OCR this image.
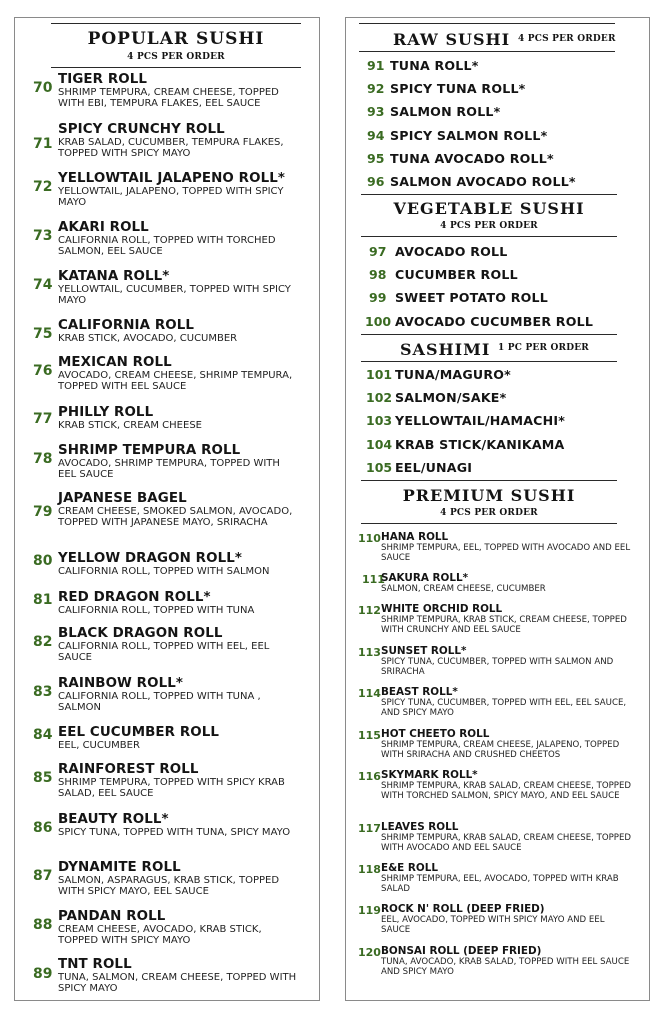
POPULAR SUSHI
4 PCS PER ORDER
70
TIGER ROLL
SHRIMP TEMPURA, CREAM CHEESE, TOPPED WITH EBI, TEMPURA FLAKES, EEL SAUCE
71
SPICY CRUNCHY ROLL
KRAB SALAD, CUCUMBER, TEMPURA FLAKES, TOPPED WITH SPICY MAYO
72
YELLOWTAIL JALAPENO ROLL*
YELLOWTAIL, JALAPENO, TOPPED WITH SPICY MAYO
73
AKARI ROLL
CALIFORNIA ROLL, TOPPED WITH TORCHED SALMON, EEL SAUCE
74
KATANA ROLL*
YELLOWTAIL, CUCUMBER, TOPPED WITH SPICY MAYO
75
CALIFORNIA ROLL
KRAB STICK, AVOCADO, CUCUMBER
76
MEXICAN ROLL
AVOCADO, CREAM CHEESE, SHRIMP TEMPURA, TOPPED WITH EEL SAUCE
77 PHILLY ROLL
KRAB STICK, CREAM CHEESE
78
SHRIMP TEMPURA ROLL
AVOCADO, SHRIMP TEMPURA, TOPPED WITH EEL SAUCE
79
JAPANESE BAGEL
CREAM CHEESE, SMOKED SALMON, AVOCADO, TOPPED WITH JAPANESE MAYO, SRIRACHA
80 YELLOW DRAGON ROLL*
CALIFORNIA ROLL, TOPPED WITH SALMON
81 RED DRAGON ROLL*
CALIFORNIA ROLL, TOPPED WITH TUNA
82
BLACK DRAGON ROLL
CALIFORNIA ROLL, TOPPED WITH EEL, EEL SAUCE
83
RAINBOW ROLL*
CALIFORNIA ROLL, TOPPED WITH TUNA , SALMON
84 EEL CUCUMBER ROLL
EEL, CUCUMBER
85
RAINFOREST ROLL
SHRIMP TEMPURA, TOPPED WITH SPICY KRAB SALAD, EEL SAUCE
86
BEAUTY ROLL*
SPICY TUNA, TOPPED WITH TUNA, SPICY MAYO
87
DYNAMITE ROLL
SALMON, ASPARAGUS, KRAB STICK, TOPPED WITH SPICY MAYO, EEL SAUCE
88
PANDAN ROLL
CREAM CHEESE, AVOCADO, KRAB STICK, TOPPED WITH SPICY MAYO
89
TNT ROLL
TUNA, SALMON, CREAM CHEESE, TOPPED WITH SPICY MAYO
RAW SUSHI 4 PCS PER ORDER
91 TUNA ROLL*
92 SPICY TUNA ROLL*
93 SALMON ROLL*
94 SPICY SALMON ROLL*
95 TUNA AVOCADO ROLL*
96 SALMON AVOCADO ROLL*
VEGETABLE SUSHI
4 PCS PER ORDER
97 AVOCADO ROLL
98 CUCUMBER ROLL
99 SWEET POTATO ROLL
100 AVOCADO CUCUMBER ROLL
SASHIMI 1 PC PER ORDER
101 TUNA/MAGURO*
102 SALMON/SAKE*
103 YELLOWTAIL/HAMACHI*
104 KRAB STICK/KANIKAMA
105 EEL/UNAGI
PREMIUM SUSHI
4 PCS PER ORDER
110 HANA ROLL
SHRIMP TEMPURA, EEL, TOPPED WITH AVOCADO AND EEL SAUCE
111
SAKURA ROLL*
SALMON, CREAM CHEESE, CUCUMBER
112 WHITE ORCHID ROLL
SHRIMP TEMPURA, KRAB STICK, CREAM CHEESE, TOPPED WITH CRUNCHY AND EEL SAUCE
113 SUNSET ROLL*
SPICY TUNA, CUCUMBER, TOPPED WITH SALMON AND SRIRACHA
114 BEAST ROLL*
SPICY TUNA, CUCUMBER, TOPPED WITH EEL, EEL SAUCE, AND SPICY MAYO
115 HOT CHEETO ROLL
SHRIMP TEMPURA, CREAM CHEESE, JALAPENO, TOPPED WITH SRIRACHA AND CRUSHED CHEETOS
116 SKYMARK ROLL*
SHRIMP TEMPURA, KRAB SALAD, CREAM CHEESE, TOPPED WITH TORCHED SALMON, SPICY MAYO, AND EEL SAUCE
117 LEAVES ROLL
SHRIMP TEMPURA, KRAB SALAD, CREAM CHEESE, TOPPED WITH AVOCADO AND EEL SAUCE
118 E&E ROLL
SHRIMP TEMPURA, EEL, AVOCADO, TOPPED WITH KRAB SALAD
119 ROCK N' ROLL (DEEP FRIED)
EEL, AVOCADO, TOPPED WITH SPICY MAYO AND EEL SAUCE
120 BONSAI ROLL (DEEP FRIED)
TUNA, AVOCADO, KRAB SALAD, TOPPED WITH EEL SAUCE AND SPICY MAYO
